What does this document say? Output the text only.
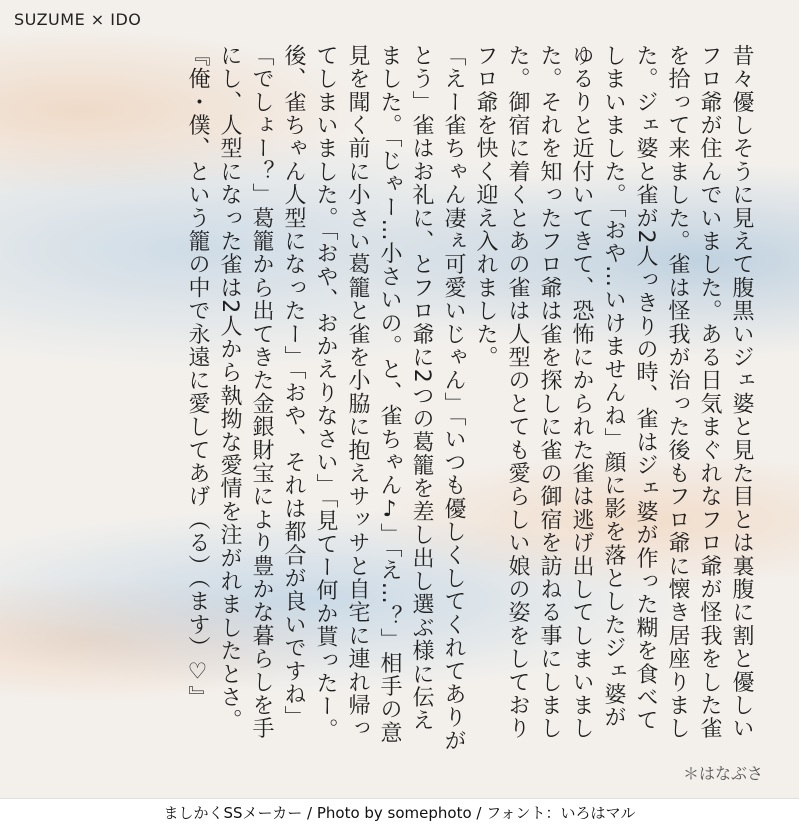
SUZUME × IDO
昔々優しそうに見えて腹黒いジェ婆と見た目とは裏腹に割と優しい
フロ爺が住んでいました。ある日気まぐれなフロ爺が怪我をした雀
を拾って来ました。雀は怪我が治った後もフロ爺に懐き居座りまし
た。ジェ婆と雀が2人っきりの時、雀はジェ婆が作った糊を食べて
しまいました。「おや…いけませんね」顔に影を落としたジェ婆が
ゆるりと近付いてきて、恐怖にかられた雀は逃げ出してしまいまし
た。それを知ったフロ爺は雀を探しに雀の御宿を訪ねる事にしまし
た。御宿に着くとあの雀は人型のとても愛らしい娘の姿をしており
フロ爺を快く迎え入れました。
「えー雀ちゃん凄ぇ可愛いじゃん」「いつも優しくしてくれてありが
とう」雀はお礼に、とフロ爺に2つの葛籠を差し出し選ぶ様に伝え
ました。「じゃー…小さいの。と、雀ちゃん♪」「え…？」相手の意
見を聞く前に小さい葛籠と雀を小脇に抱えサッサと自宅に連れ帰っ
てしまいました。「おや、おかえりなさい」「見てー何か貰ったー。
後、雀ちゃん人型になったー」「おや、それは都合が良いですね」
「でしょー？」葛籠から出てきた金銀財宝により豊かな暮らしを手
にし、人型になった雀は2人から執拗な愛情を注がれましたとさ。
『俺・僕、という籠の中で永遠に愛してあげ（る）（ます）♡』
＊はなぶさ
ましかくSSメーカー / Photo by somephoto / フォント：いろはマル
